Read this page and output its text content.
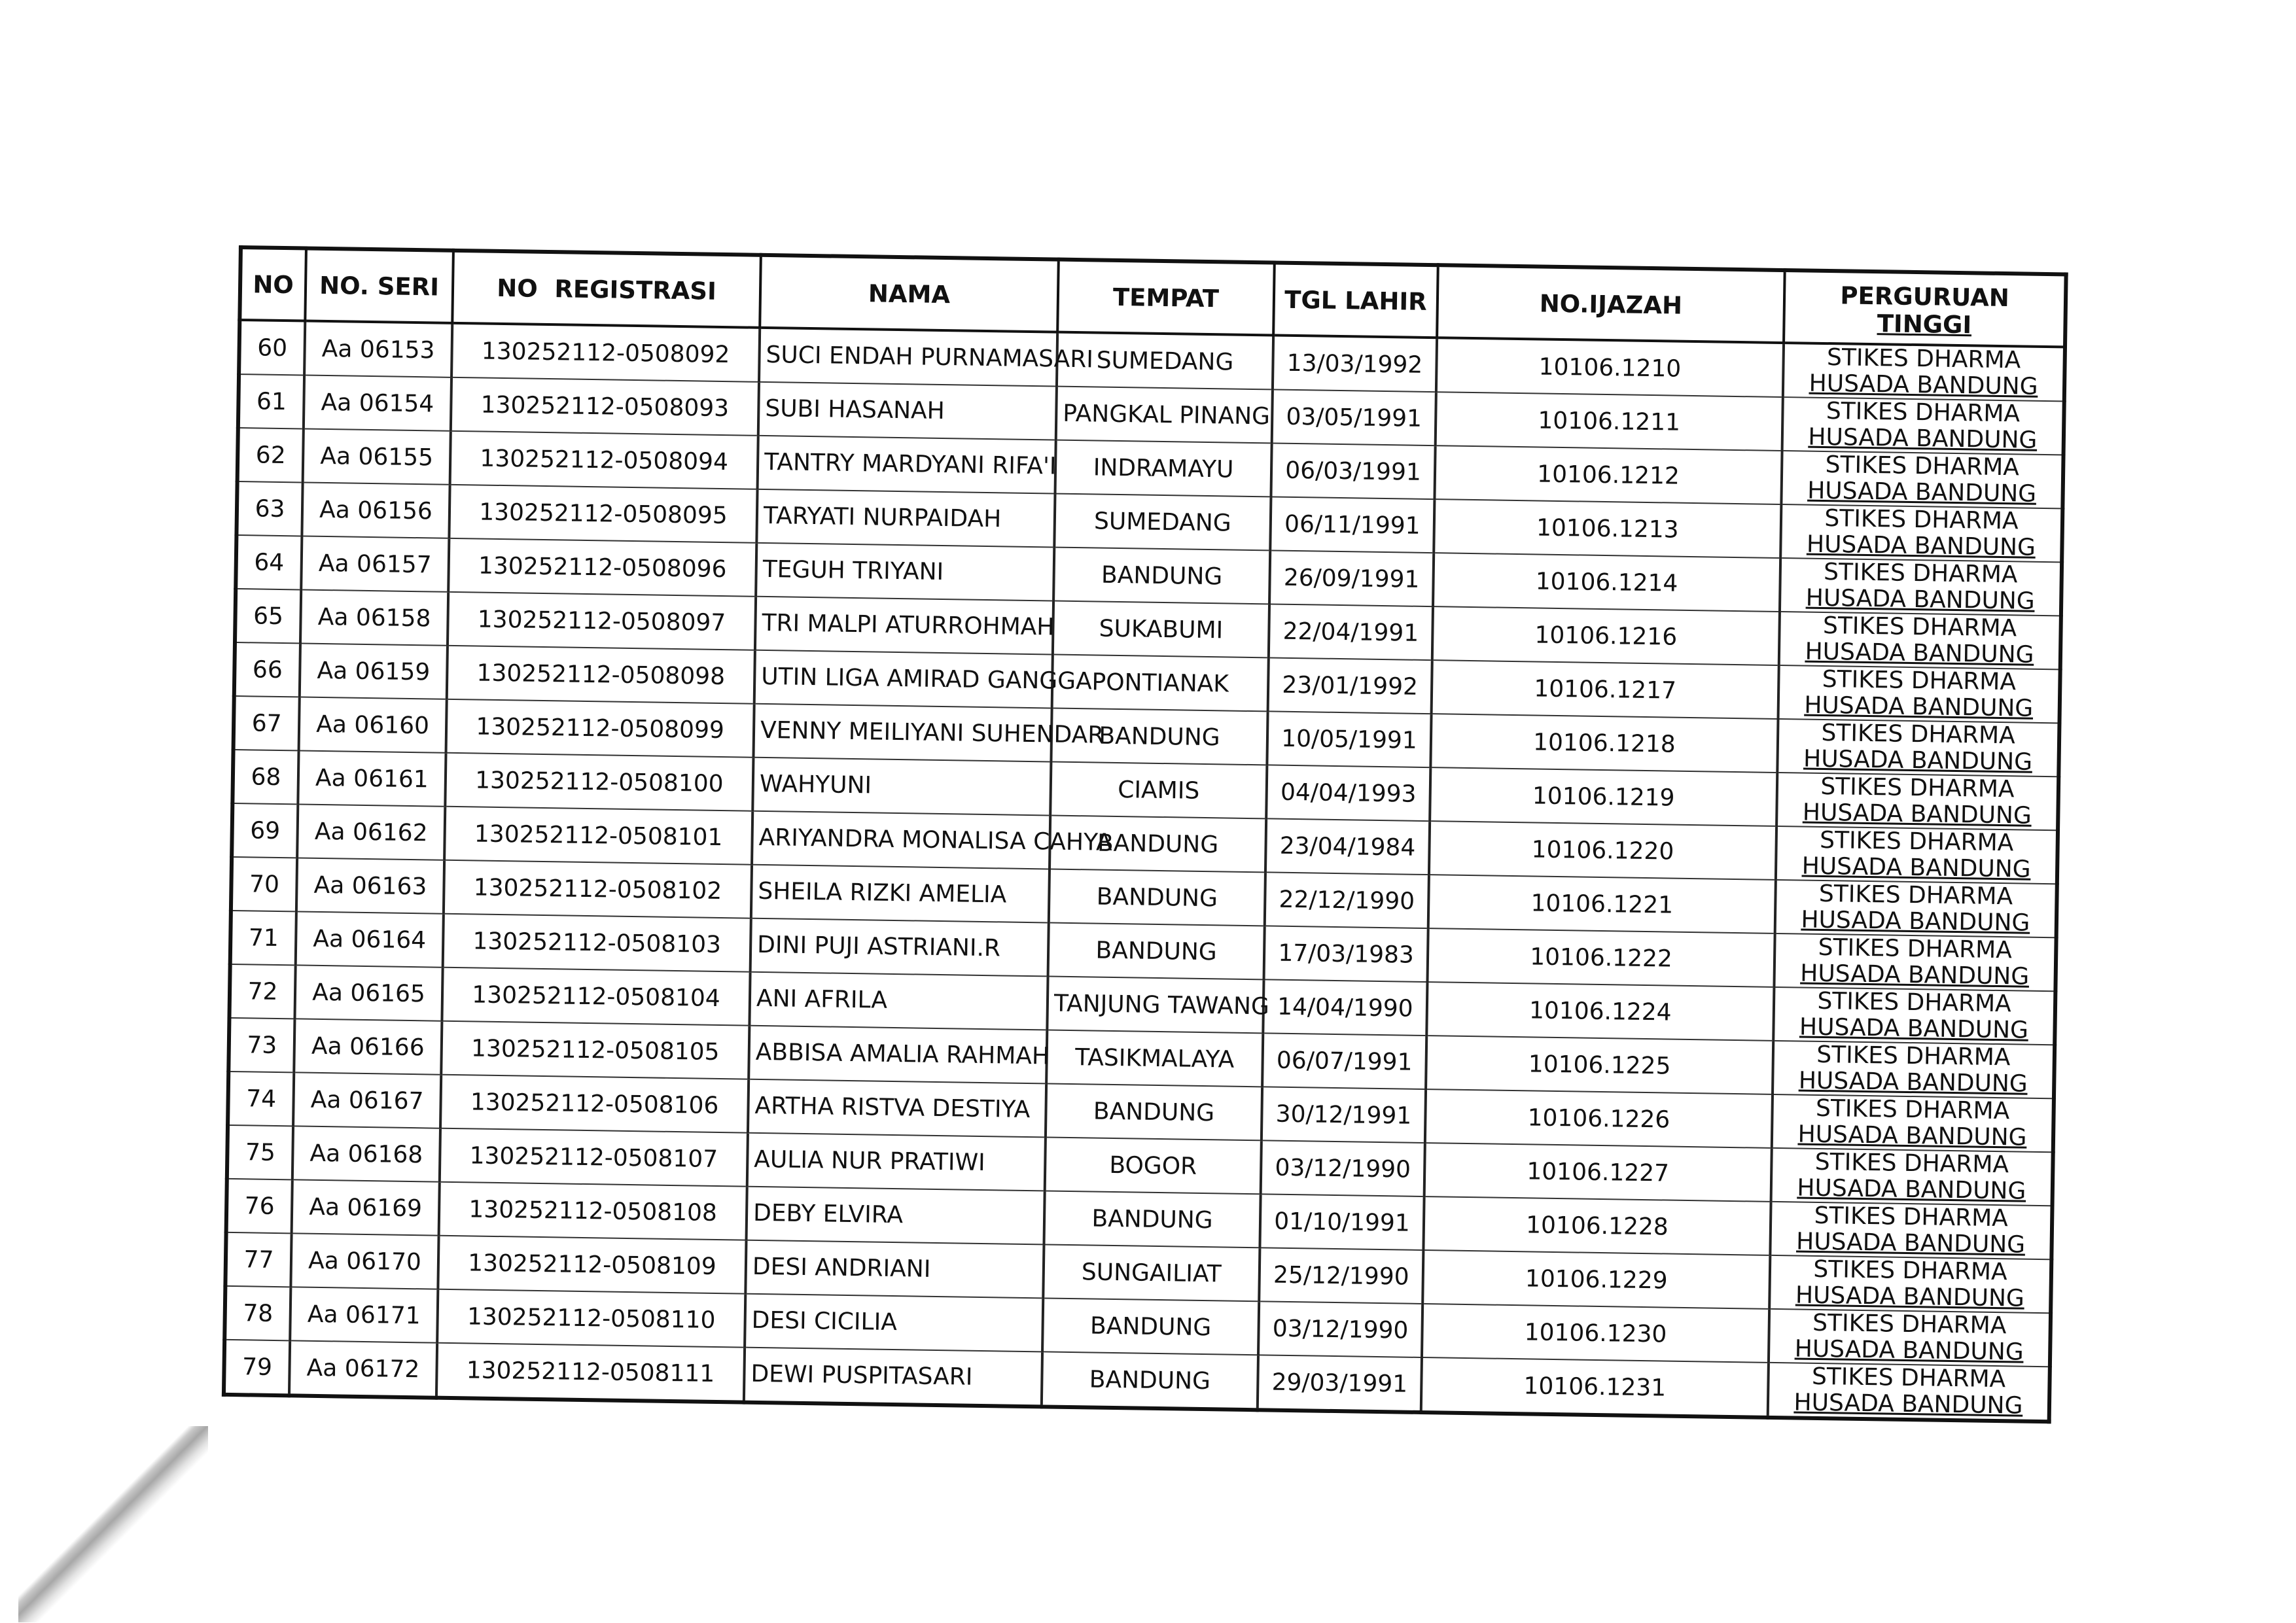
NO	NO. SERI	NO  REGISTRASI	NAMA	TEMPAT	TGL LAHIR	NO.IJAZAH	PERGURUAN
TINGGI
60	Aa 06153	130252112-0508092	SUCI ENDAH PURNAMASARI	SUMEDANG	13/03/1992	10106.1210	STIKES DHARMA
HUSADA BANDUNG

61	Aa 06154	130252112-0508093	SUBI HASANAH	PANGKAL PINANG	03/05/1991	10106.1211	STIKES DHARMA
HUSADA BANDUNG

62	Aa 06155	130252112-0508094	TANTRY MARDYANI RIFA'I	INDRAMAYU	06/03/1991	10106.1212	STIKES DHARMA
HUSADA BANDUNG

63	Aa 06156	130252112-0508095	TARYATI NURPAIDAH	SUMEDANG	06/11/1991	10106.1213	STIKES DHARMA
HUSADA BANDUNG

64	Aa 06157	130252112-0508096	TEGUH TRIYANI	BANDUNG	26/09/1991	10106.1214	STIKES DHARMA
HUSADA BANDUNG

65	Aa 06158	130252112-0508097	TRI MALPI ATURROHMAH	SUKABUMI	22/04/1991	10106.1216	STIKES DHARMA
HUSADA BANDUNG

66	Aa 06159	130252112-0508098	UTIN LIGA AMIRAD GANGGA	PONTIANAK	23/01/1992	10106.1217	STIKES DHARMA
HUSADA BANDUNG

67	Aa 06160	130252112-0508099	VENNY MEILIYANI SUHENDAR	BANDUNG	10/05/1991	10106.1218	STIKES DHARMA
HUSADA BANDUNG

68	Aa 06161	130252112-0508100	WAHYUNI	CIAMIS	04/04/1993	10106.1219	STIKES DHARMA
HUSADA BANDUNG

69	Aa 06162	130252112-0508101	ARIYANDRA MONALISA CAHYA	BANDUNG	23/04/1984	10106.1220	STIKES DHARMA
HUSADA BANDUNG

70	Aa 06163	130252112-0508102	SHEILA RIZKI AMELIA	BANDUNG	22/12/1990	10106.1221	STIKES DHARMA
HUSADA BANDUNG

71	Aa 06164	130252112-0508103	DINI PUJI ASTRIANI.R	BANDUNG	17/03/1983	10106.1222	STIKES DHARMA
HUSADA BANDUNG

72	Aa 06165	130252112-0508104	ANI AFRILA	TANJUNG TAWANG	14/04/1990	10106.1224	STIKES DHARMA
HUSADA BANDUNG

73	Aa 06166	130252112-0508105	ABBISA AMALIA RAHMAH	TASIKMALAYA	06/07/1991	10106.1225	STIKES DHARMA
HUSADA BANDUNG

74	Aa 06167	130252112-0508106	ARTHA RISTVA DESTIYA	BANDUNG	30/12/1991	10106.1226	STIKES DHARMA
HUSADA BANDUNG

75	Aa 06168	130252112-0508107	AULIA NUR PRATIWI	BOGOR	03/12/1990	10106.1227	STIKES DHARMA
HUSADA BANDUNG

76	Aa 06169	130252112-0508108	DEBY ELVIRA	BANDUNG	01/10/1991	10106.1228	STIKES DHARMA
HUSADA BANDUNG

77	Aa 06170	130252112-0508109	DESI ANDRIANI	SUNGAILIAT	25/12/1990	10106.1229	STIKES DHARMA
HUSADA BANDUNG

78	Aa 06171	130252112-0508110	DESI CICILIA	BANDUNG	03/12/1990	10106.1230	STIKES DHARMA
HUSADA BANDUNG

79	Aa 06172	130252112-0508111	DEWI PUSPITASARI	BANDUNG	29/03/1991	10106.1231	STIKES DHARMA
HUSADA BANDUNG
